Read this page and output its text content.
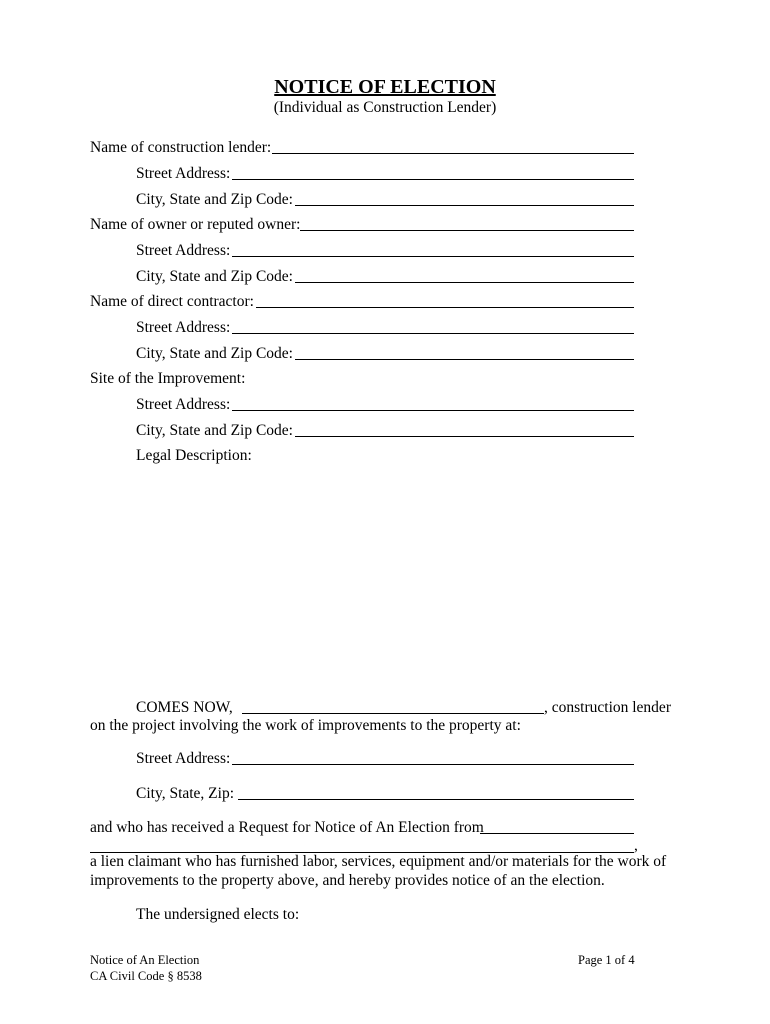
NOTICE OF ELECTION
(Individual as Construction Lender)
Name of construction lender:
Street Address:
City, State and Zip Code:
Name of owner or reputed owner:
Street Address:
City, State and Zip Code:
Name of direct contractor:
Street Address:
City, State and Zip Code:
Site of the Improvement:
Street Address:
City, State and Zip Code:
Legal Description:
COMES NOW,	, construction lender
on the project involving the work of improvements to the property at:
Street Address:
City, State, Zip:
and who has received a Request for Notice of An Election from
,
a lien claimant who has furnished labor, services, equipment and/or materials for the work of
improvements to the property above, and hereby provides notice of an the election.
The undersigned elects to:
Notice of An Election
CA Civil Code § 8538
Page 1 of 4
